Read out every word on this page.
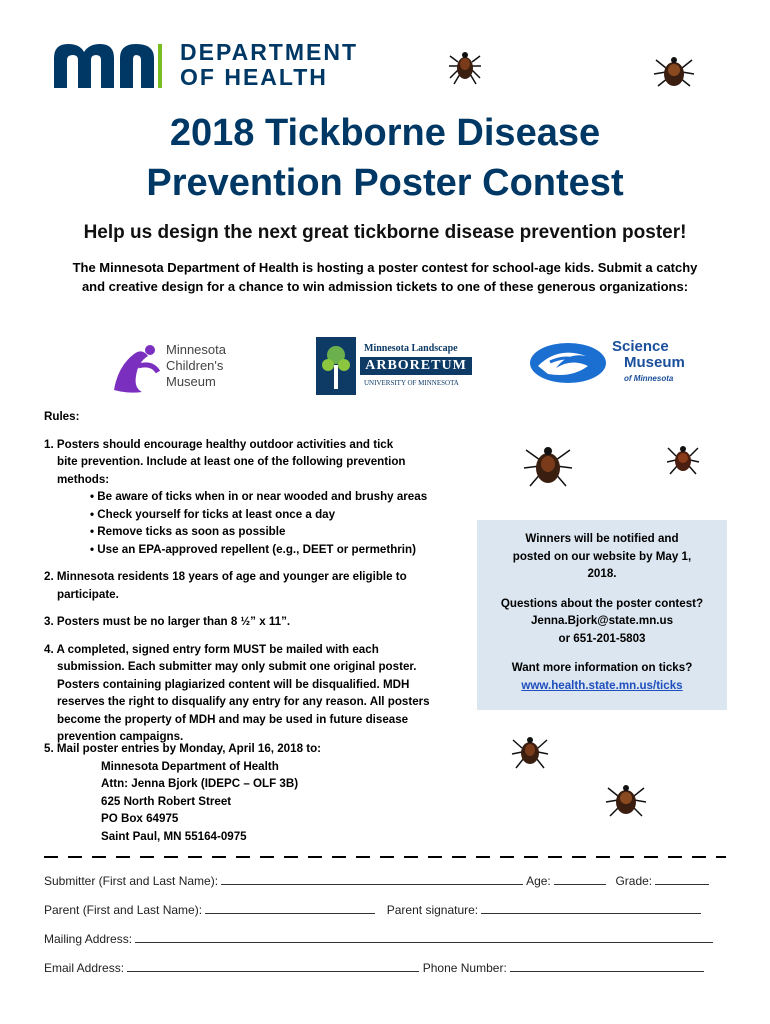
DEPARTMENT
OF HEALTH
2018 Tickborne Disease
Prevention Poster Contest
Help us design the next great tickborne disease prevention poster!
The Minnesota Department of Health is hosting a poster contest for school-age kids. Submit a catchy and creative design for a chance to win admission tickets to one of these generous organizations:
Minnesota
Children's
Museum
Minnesota Landscape
ARBORETUM
UNIVERSITY OF MINNESOTA
Science
Museum
of Minnesota

Rules:

1. Posters should encourage healthy outdoor activities and tick

bite prevention. Include at least one of the following prevention methods:

• Be aware of ticks when in or near wooded and brushy areas
• Check yourself for ticks at least once a day
• Remove ticks as soon as possible
• Use an EPA-approved repellent (e.g., DEET or permethrin)

2. Minnesota residents 18 years of age and younger are eligible to

participate.

3. Posters must be no larger than 8 ½” x 11”.

4. A completed, signed entry form MUST be mailed with each

submission. Each submitter may only submit one original poster. Posters containing plagiarized content will be disqualified. MDH reserves the right to disqualify any entry for any reason. All posters become the property of MDH and may be used in future disease prevention campaigns.

Winners will be notified and posted on our website by May 1, 2018.

Questions about the poster contest?
Jenna.Bjork@state.mn.us
or 651-201-5803

Want more information on ticks?
www.health.state.mn.us/ticks

5. Mail poster entries by Monday, April 16, 2018 to:
Minnesota Department of Health
Attn: Jenna Bjork (IDEPC – OLF 3B)
625 North Robert Street
PO Box 64975
Saint Paul, MN 55164-0975
Submitter (First and Last Name):	Age:	Grade:
Parent (First and Last Name):	Parent signature:
Mailing Address:
Email Address:	Phone Number:
